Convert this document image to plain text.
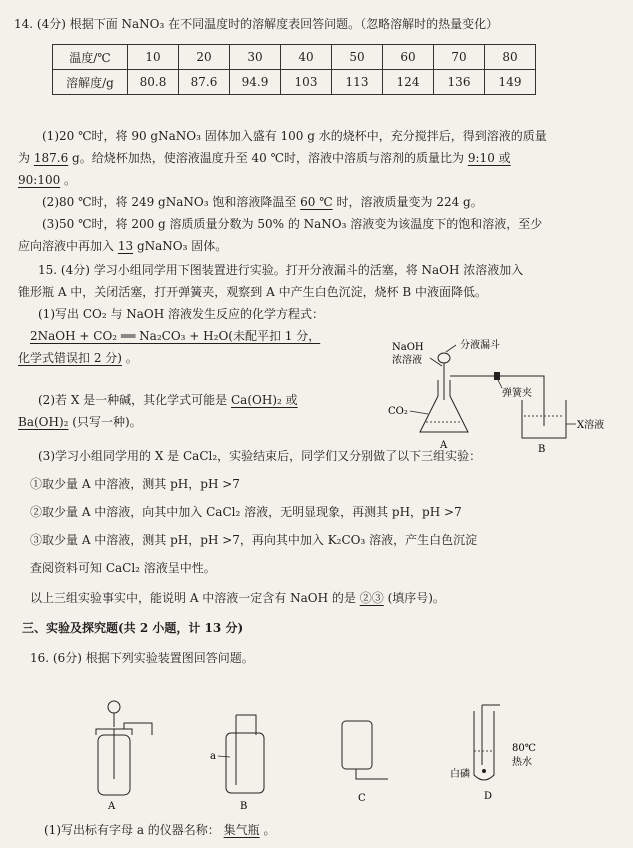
14. (4分) 根据下面 NaNO₃ 在不同温度时的溶解度表回答问题。（忽略溶解时的热量变化）
温度/℃	10	20	30	40	50	60	70	80
溶解度/g	80.8	87.6	94.9	103	113	124	136	149
(1)20 ℃时，将 90 gNaNO₃ 固体加入盛有 100 g 水的烧杯中，充分搅拌后，得到溶液的质量
为 187.6 g。给烧杯加热，使溶液温度升至 40 ℃时，溶液中溶质与溶剂的质量比为 9:10 或
90:100 。
(2)80 ℃时，将 249 gNaNO₃ 饱和溶液降温至 60 ℃ 时，溶液质量变为 224 g。
(3)50 ℃时，将 200 g 溶质质量分数为 50% 的 NaNO₃ 溶液变为该温度下的饱和溶液，至少
应向溶液中再加入 13 gNaNO₃ 固体。
15. (4分) 学习小组同学用下图装置进行实验。打开分液漏斗的活塞，将 NaOH 浓溶液加入
锥形瓶 A 中，关闭活塞，打开弹簧夹，观察到 A 中产生白色沉淀，烧杯 B 中液面降低。
(1)写出 CO₂ 与 NaOH 溶液发生反应的化学方程式：
2NaOH + CO₂ ══ Na₂CO₃ + H₂O(未配平扣 1 分，
化学式错误扣 2 分) 。
(2)若 X 是一种碱，其化学式可能是 Ca(OH)₂ 或
Ba(OH)₂ (只写一种)。
NaOH
浓溶液
分液漏斗
CO₂
A
弹簧夹
X溶液
B
(3)学习小组同学用的 X 是 CaCl₂，实验结束后，同学们又分别做了以下三组实验：
①取少量 A 中溶液，测其 pH，pH >7
②取少量 A 中溶液，向其中加入 CaCl₂ 溶液，无明显现象，再测其 pH，pH >7
③取少量 A 中溶液，测其 pH，pH >7，再向其中加入 K₂CO₃ 溶液，产生白色沉淀
查阅资料可知 CaCl₂ 溶液呈中性。
以上三组实验事实中，能说明 A 中溶液一定含有 NaOH 的是 ②③ (填序号)。
三、实验及探究题(共 2 小题，计 13 分)
16. (6分) 根据下列实验装置图回答问题。
A
a
B
C
80℃
热水
白磷
D
(1)写出标有字母 a 的仪器名称： 集气瓶 。
